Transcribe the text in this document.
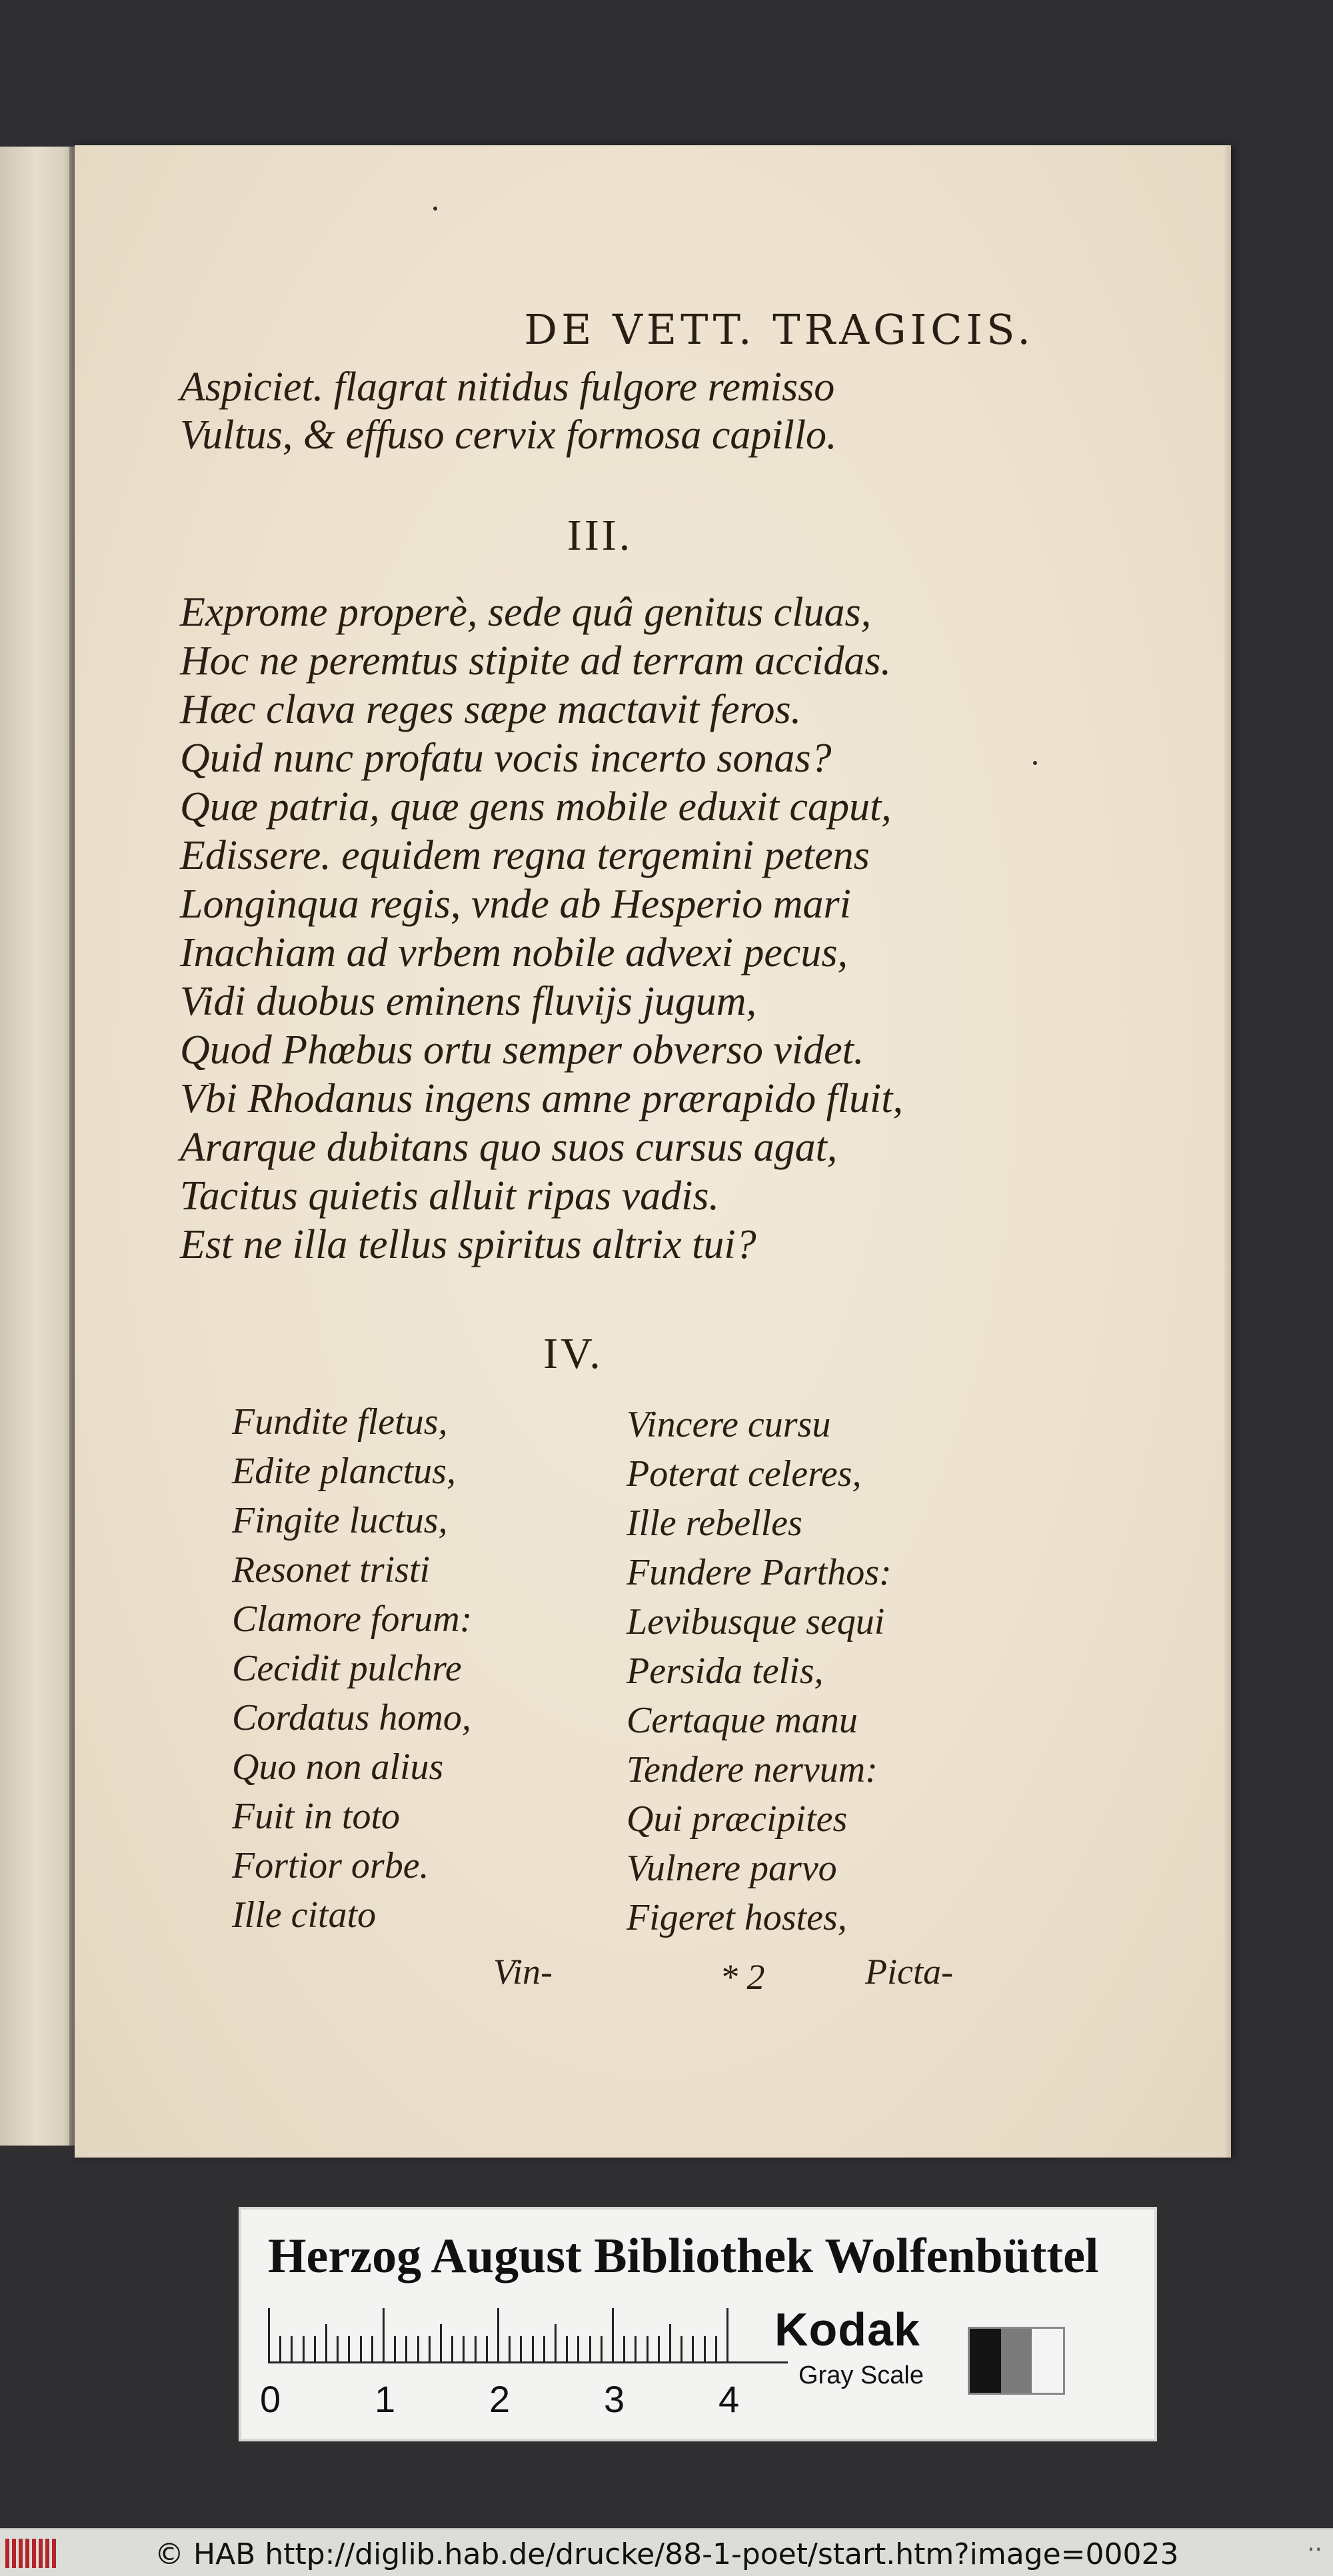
DE VETT. TRAGICIS.
Aspiciet. flagrat nitidus fulgore remisso
Vultus, & effuso cervix formosa capillo.
III.
Exprome properè, sede quâ genitus cluas,
Hoc ne peremtus stipite ad terram accidas.
Hæc clava reges sæpe mactavit feros.
Quid nunc profatu vocis incerto sonas?
Quæ patria, quæ gens mobile eduxit caput,
Edissere. equidem regna tergemini petens
Longinqua regis, vnde ab Hesperio mari
Inachiam ad vrbem nobile advexi pecus,
Vidi duobus eminens fluvijs jugum,
Quod Phœbus ortu semper obverso videt.
Vbi Rhodanus ingens amne prærapido fluit,
Ararque dubitans quo suos cursus agat,
Tacitus quietis alluit ripas vadis.
Est ne illa tellus spiritus altrix tui?
IV.
Fundite fletus,
Edite planctus,
Fingite luctus,
Resonet tristi
Clamore forum:
Cecidit pulchre
Cordatus homo,
Quo non alius
Fuit in toto
Fortior orbe.
Ille citato
Vincere cursu
Poterat celeres,
Ille rebelles
Fundere Parthos:
Levibusque sequi
Persida telis,
Certaque manu
Tendere nervum:
Qui præcipites
Vulnere parvo
Figeret hostes,
Vin-	* 2	Picta-
Herzog August Bibliothek Wolfenbüttel
0	1	2	3	4
Kodak
Gray Scale
© HAB http://diglib.hab.de/drucke/88-1-poet/start.htm?image=00023	··
